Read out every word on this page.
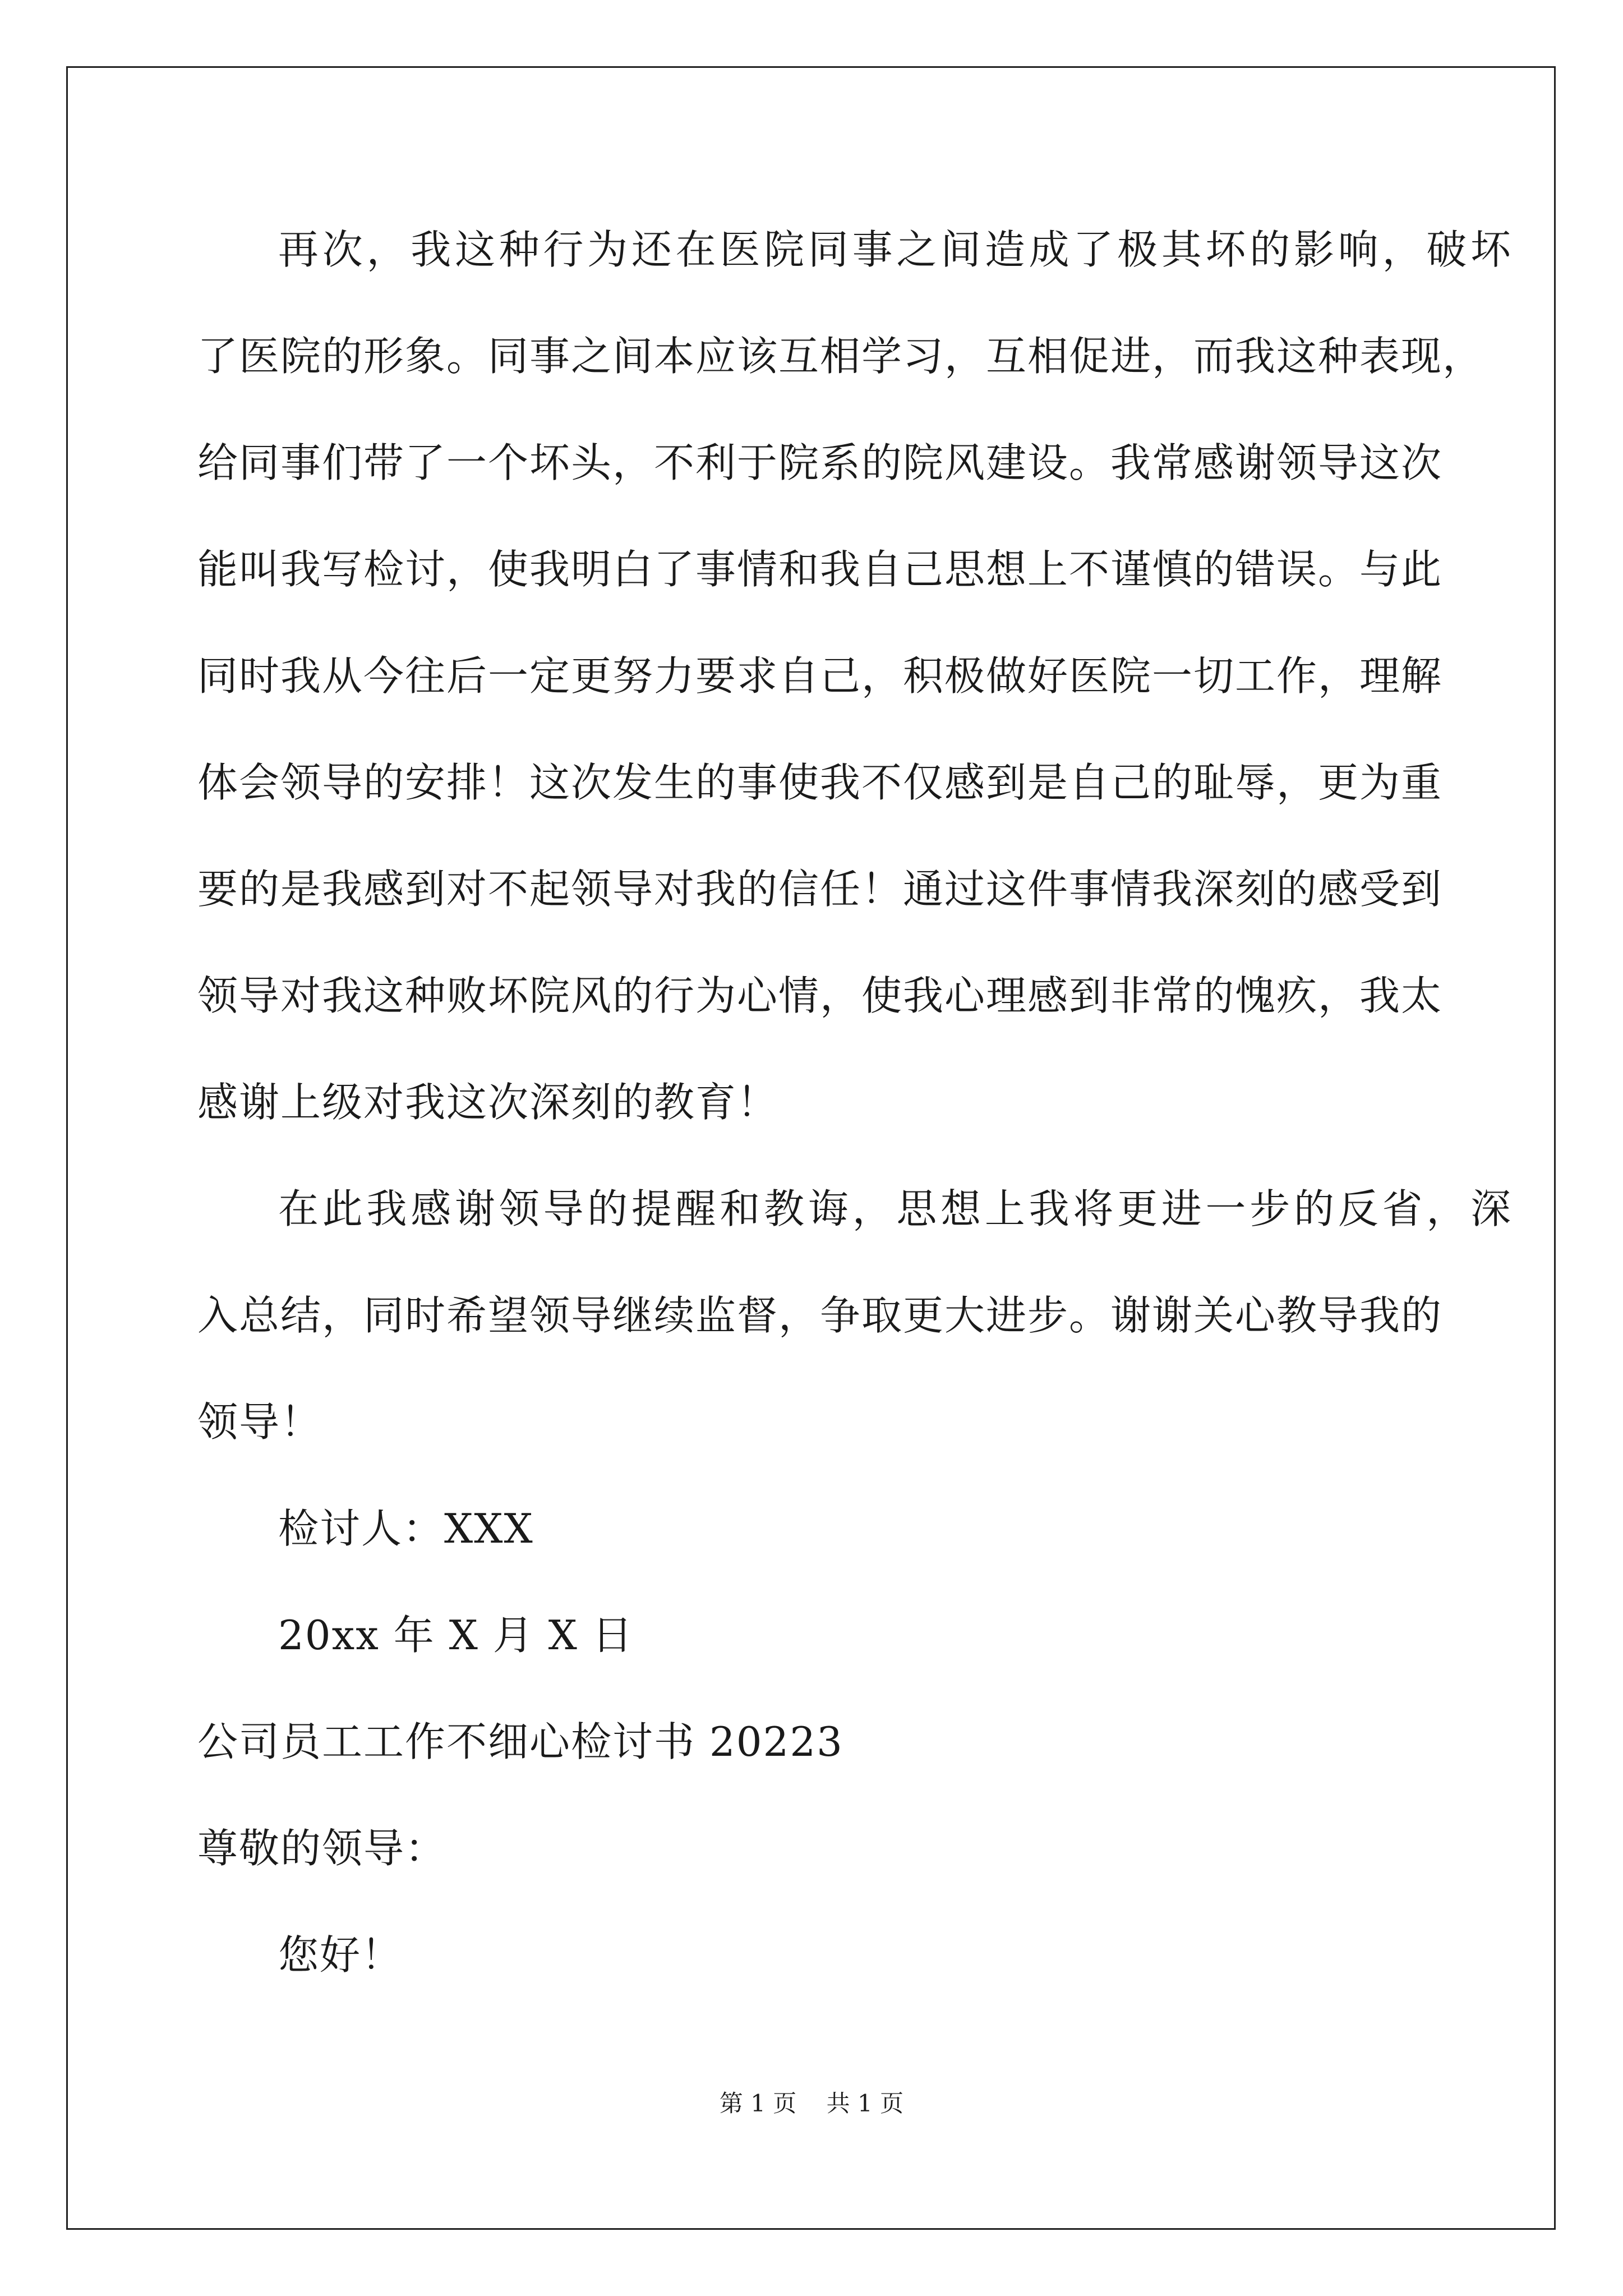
再次，我这种行为还在医院同事之间造成了极其坏的影响，破坏
了医院的形象。同事之间本应该互相学习，互相促进，而我这种表现，
给同事们带了一个坏头，不利于院系的院风建设。我常感谢领导这次
能叫我写检讨，使我明白了事情和我自己思想上不谨慎的错误。与此
同时我从今往后一定更努力要求自己，积极做好医院一切工作，理解
体会领导的安排！这次发生的事使我不仅感到是自己的耻辱，更为重
要的是我感到对不起领导对我的信任！通过这件事情我深刻的感受到
领导对我这种败坏院风的行为心情，使我心理感到非常的愧疚，我太
感谢上级对我这次深刻的教育！
在此我感谢领导的提醒和教诲，思想上我将更进一步的反省，深
入总结，同时希望领导继续监督，争取更大进步。谢谢关心教导我的
领导！
检讨人：XXX
20xx 年 X 月 X 日
公司员工工作不细心检讨书 20223
尊敬的领导：
您好！
第 1 页 共 1 页
